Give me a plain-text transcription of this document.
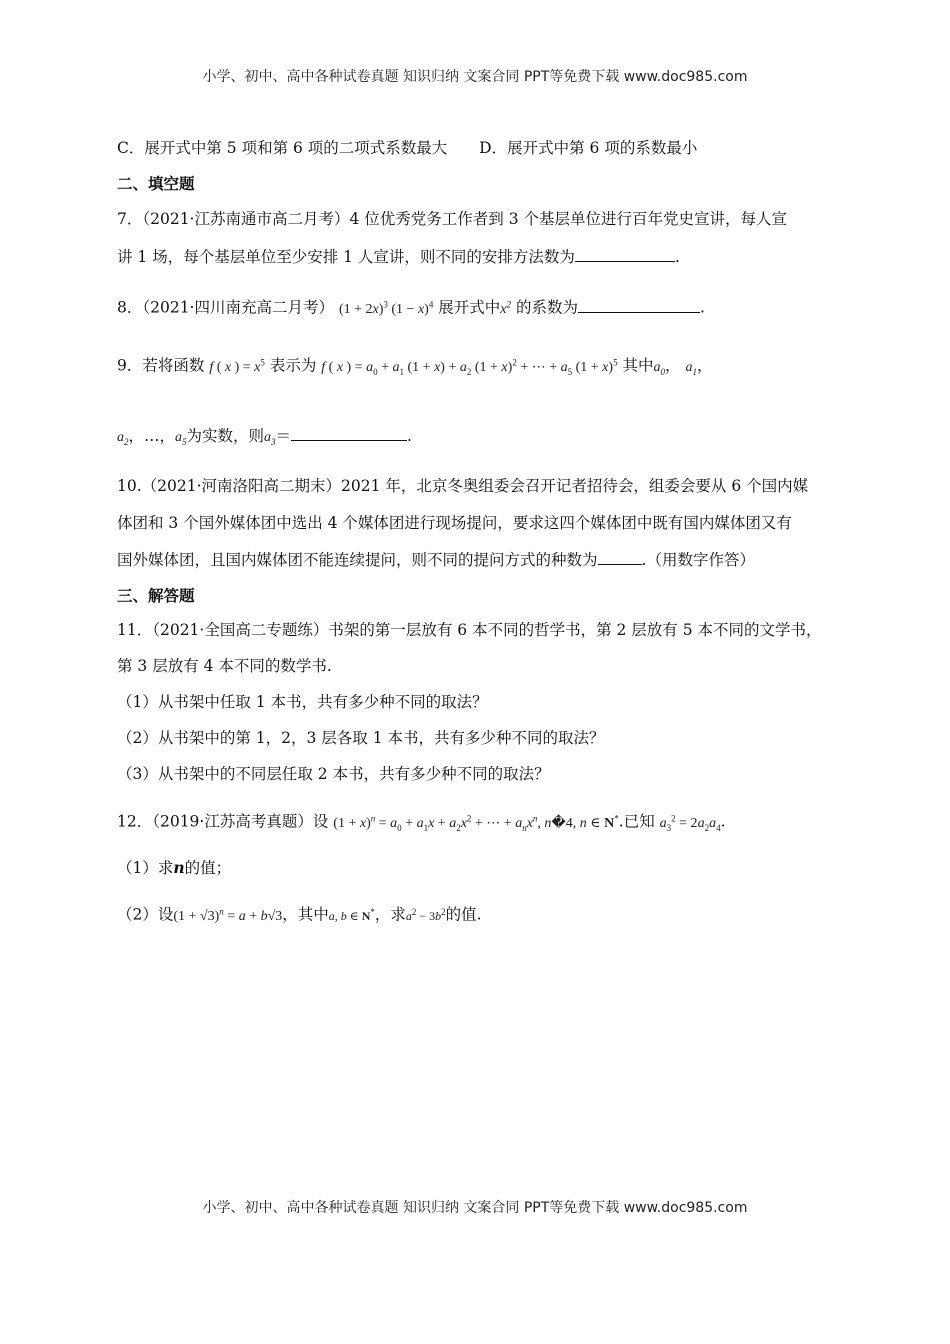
小学、初中、高中各种试卷真题 知识归纳 文案合同 PPT等免费下载 www.doc985.com
C．展开式中第 5 项和第 6 项的二项式系数最大 D．展开式中第 6 项的系数最小
二、填空题
7．（2021·江苏南通市高二月考）4 位优秀党务工作者到 3 个基层单位进行百年党史宣讲，每人宣
讲 1 场，每个基层单位至少安排 1 人宣讲，则不同的安排方法数为	.
8．（2021·四川南充高二月考） $(1 + 2x)^3$ $(1 - x)^4$ 展开式中$x^2$ 的系数为	.
9．若将函数 f ( x ) = $x^5$ 表示为 f ( x ) = $a_0 + a_1$ $(1 + x) + a_2$ $(1 + x)^2$ + ⋯ + $a_5$ $(1 + x)^5$ 其中$a_0$， $a_1$，
$a_2$，…，$a_5$为实数，则$a_3=$	.
10.（2021·河南洛阳高二期末）2021 年，北京冬奥组委会召开记者招待会，组委会要从 6 个国内媒
体团和 3 个国外媒体团中选出 4 个媒体团进行现场提问，要求这四个媒体团中既有国内媒体团又有
国外媒体团，且国内媒体团不能连续提问，则不同的提问方式的种数为	.（用数字作答）
三、解答题
11．（2021·全国高二专题练）书架的第一层放有 6 本不同的哲学书，第 2 层放有 5 本不同的文学书，
第 3 层放有 4 本不同的数学书.
（1）从书架中任取 1 本书，共有多少种不同的取法？
（2）从书架中的第 1，2，3 层各取 1 本书，共有多少种不同的取法？
（3）从书架中的不同层任取 2 本书，共有多少种不同的取法？
12．（2019·江苏高考真题）设 $(1 + x)^n = a_0 + a_1x + a_2x^2$ + ⋯ + $a_nx^n$, n�4, n ∈ N*.已知 $a_3^2 = 2a_2a_4$.
（1）求n的值；
（2）设$(1 + √3)^n = a + b√3$，其中a, b ∈ N*，求$a^2 - 3b^2$的值.
小学、初中、高中各种试卷真题 知识归纳 文案合同 PPT等免费下载 www.doc985.com
